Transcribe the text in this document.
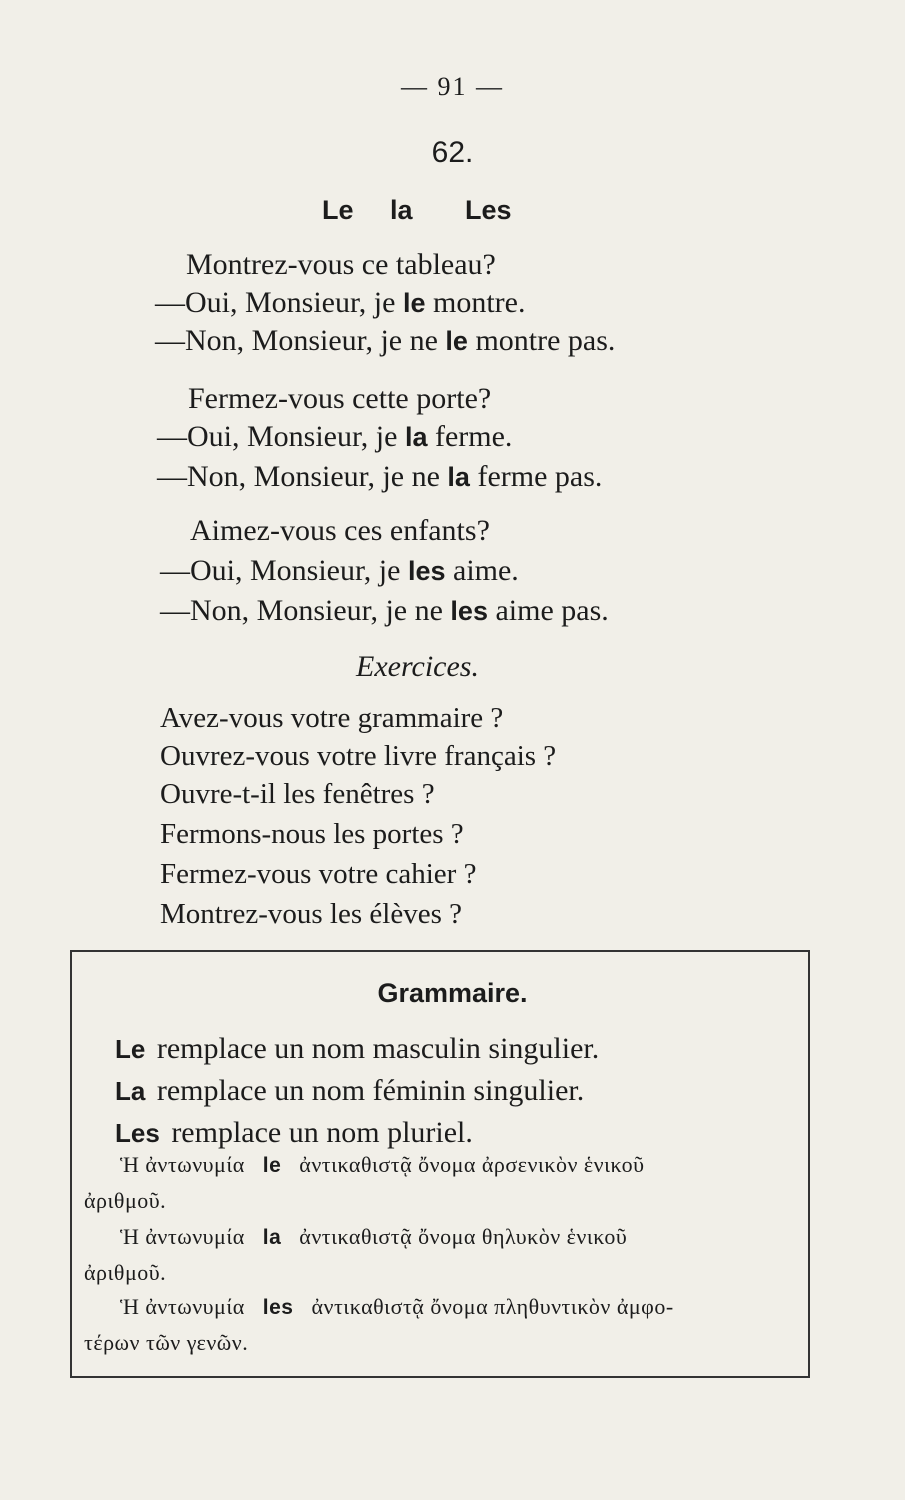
— 91 —
62.
Le	la	Les
Montrez-vous ce tableau?
—Oui, Monsieur, je le montre.
—Non, Monsieur, je ne le montre pas.
Fermez-vous cette porte?
—Oui, Monsieur, je la ferme.
—Non, Monsieur, je ne la ferme pas.
Aimez-vous ces enfants?
—Oui, Monsieur, je les aime.
—Non, Monsieur, je ne les aime pas.
Exercices.
Avez-vous votre grammaire ?
Ouvrez-vous votre livre français ?
Ouvre-t-il les fenêtres ?
Fermons-nous les portes ?
Fermez-vous votre cahier ?
Montrez-vous les élèves ?
Grammaire.
Le remplace un nom masculin singulier.
La remplace un nom féminin singulier.
Les remplace un nom pluriel.
Ἡ ἀντωνυμία le ἀντικαθιστᾷ ὄνομα ἀρσενικὸν ἑνικοῦ
ἀριθμοῦ.
Ἡ ἀντωνυμία la ἀντικαθιστᾷ ὄνομα θηλυκὸν ἑνικοῦ
ἀριθμοῦ.
Ἡ ἀντωνυμία les ἀντικαθιστᾷ ὄνομα πληθυντικὸν ἀμφο-
τέρων τῶν γενῶν.
